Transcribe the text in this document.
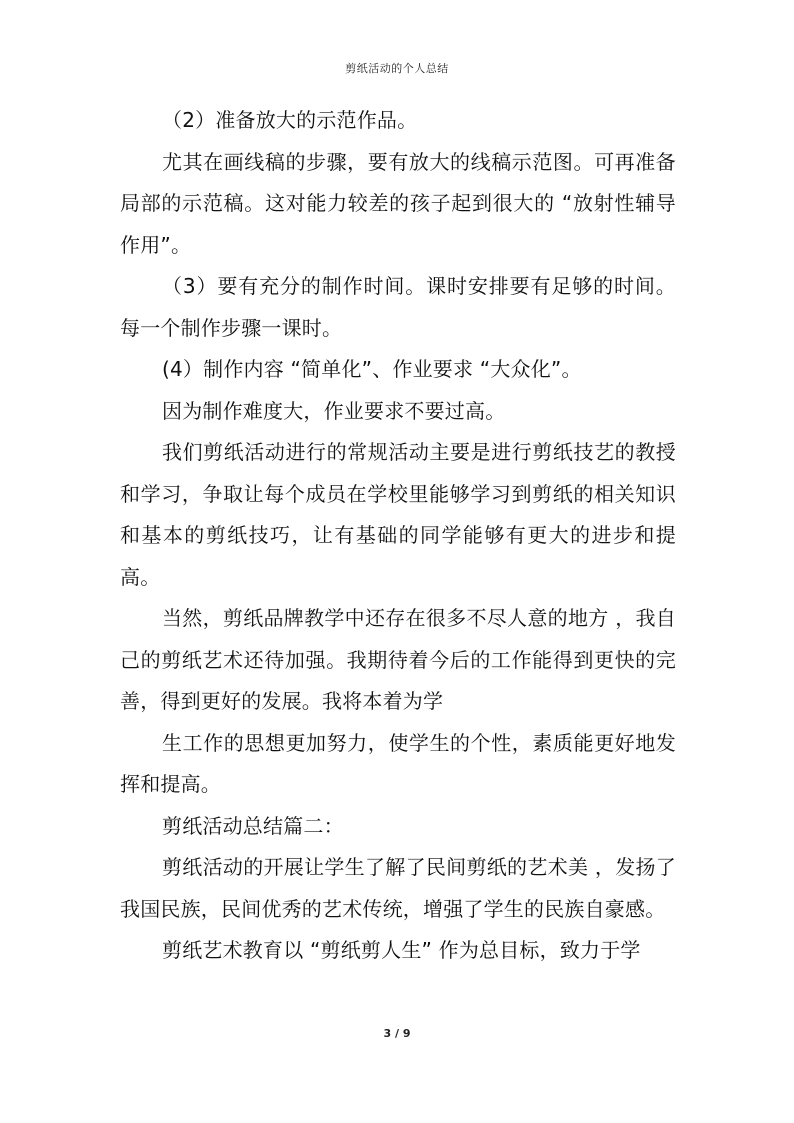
剪纸活动的个人总结

（2）准备放大的示范作品。

尤其在画线稿的步骤，要有放大的线稿示范图。可再准备局部的示范稿。这对能力较差的孩子起到很大的 “放射性辅导作用”。

（3）要有充分的制作时间。课时安排要有足够的时间。每一个制作步骤一课时。

(4）制作内容 “简单化”、作业要求 “大众化”。

因为制作难度大，作业要求不要过高。

我们剪纸活动进行的常规活动主要是进行剪纸技艺的教授和学习，争取让每个成员在学校里能够学习到剪纸的相关知识和基本的剪纸技巧，让有基础的同学能够有更大的进步和提高。

当然，剪纸品牌教学中还存在很多不尽人意的地方 ，我自己的剪纸艺术还待加强。我期待着今后的工作能得到更快的完善，得到更好的发展。我将本着为学

生工作的思想更加努力，使学生的个性，素质能更好地发挥和提高。

剪纸活动总结篇二：

剪纸活动的开展让学生了解了民间剪纸的艺术美 ，发扬了我国民族，民间优秀的艺术传统，增强了学生的民族自豪感。

剪纸艺术教育以 “剪纸剪人生” 作为总目标，致力于学

3 / 9
